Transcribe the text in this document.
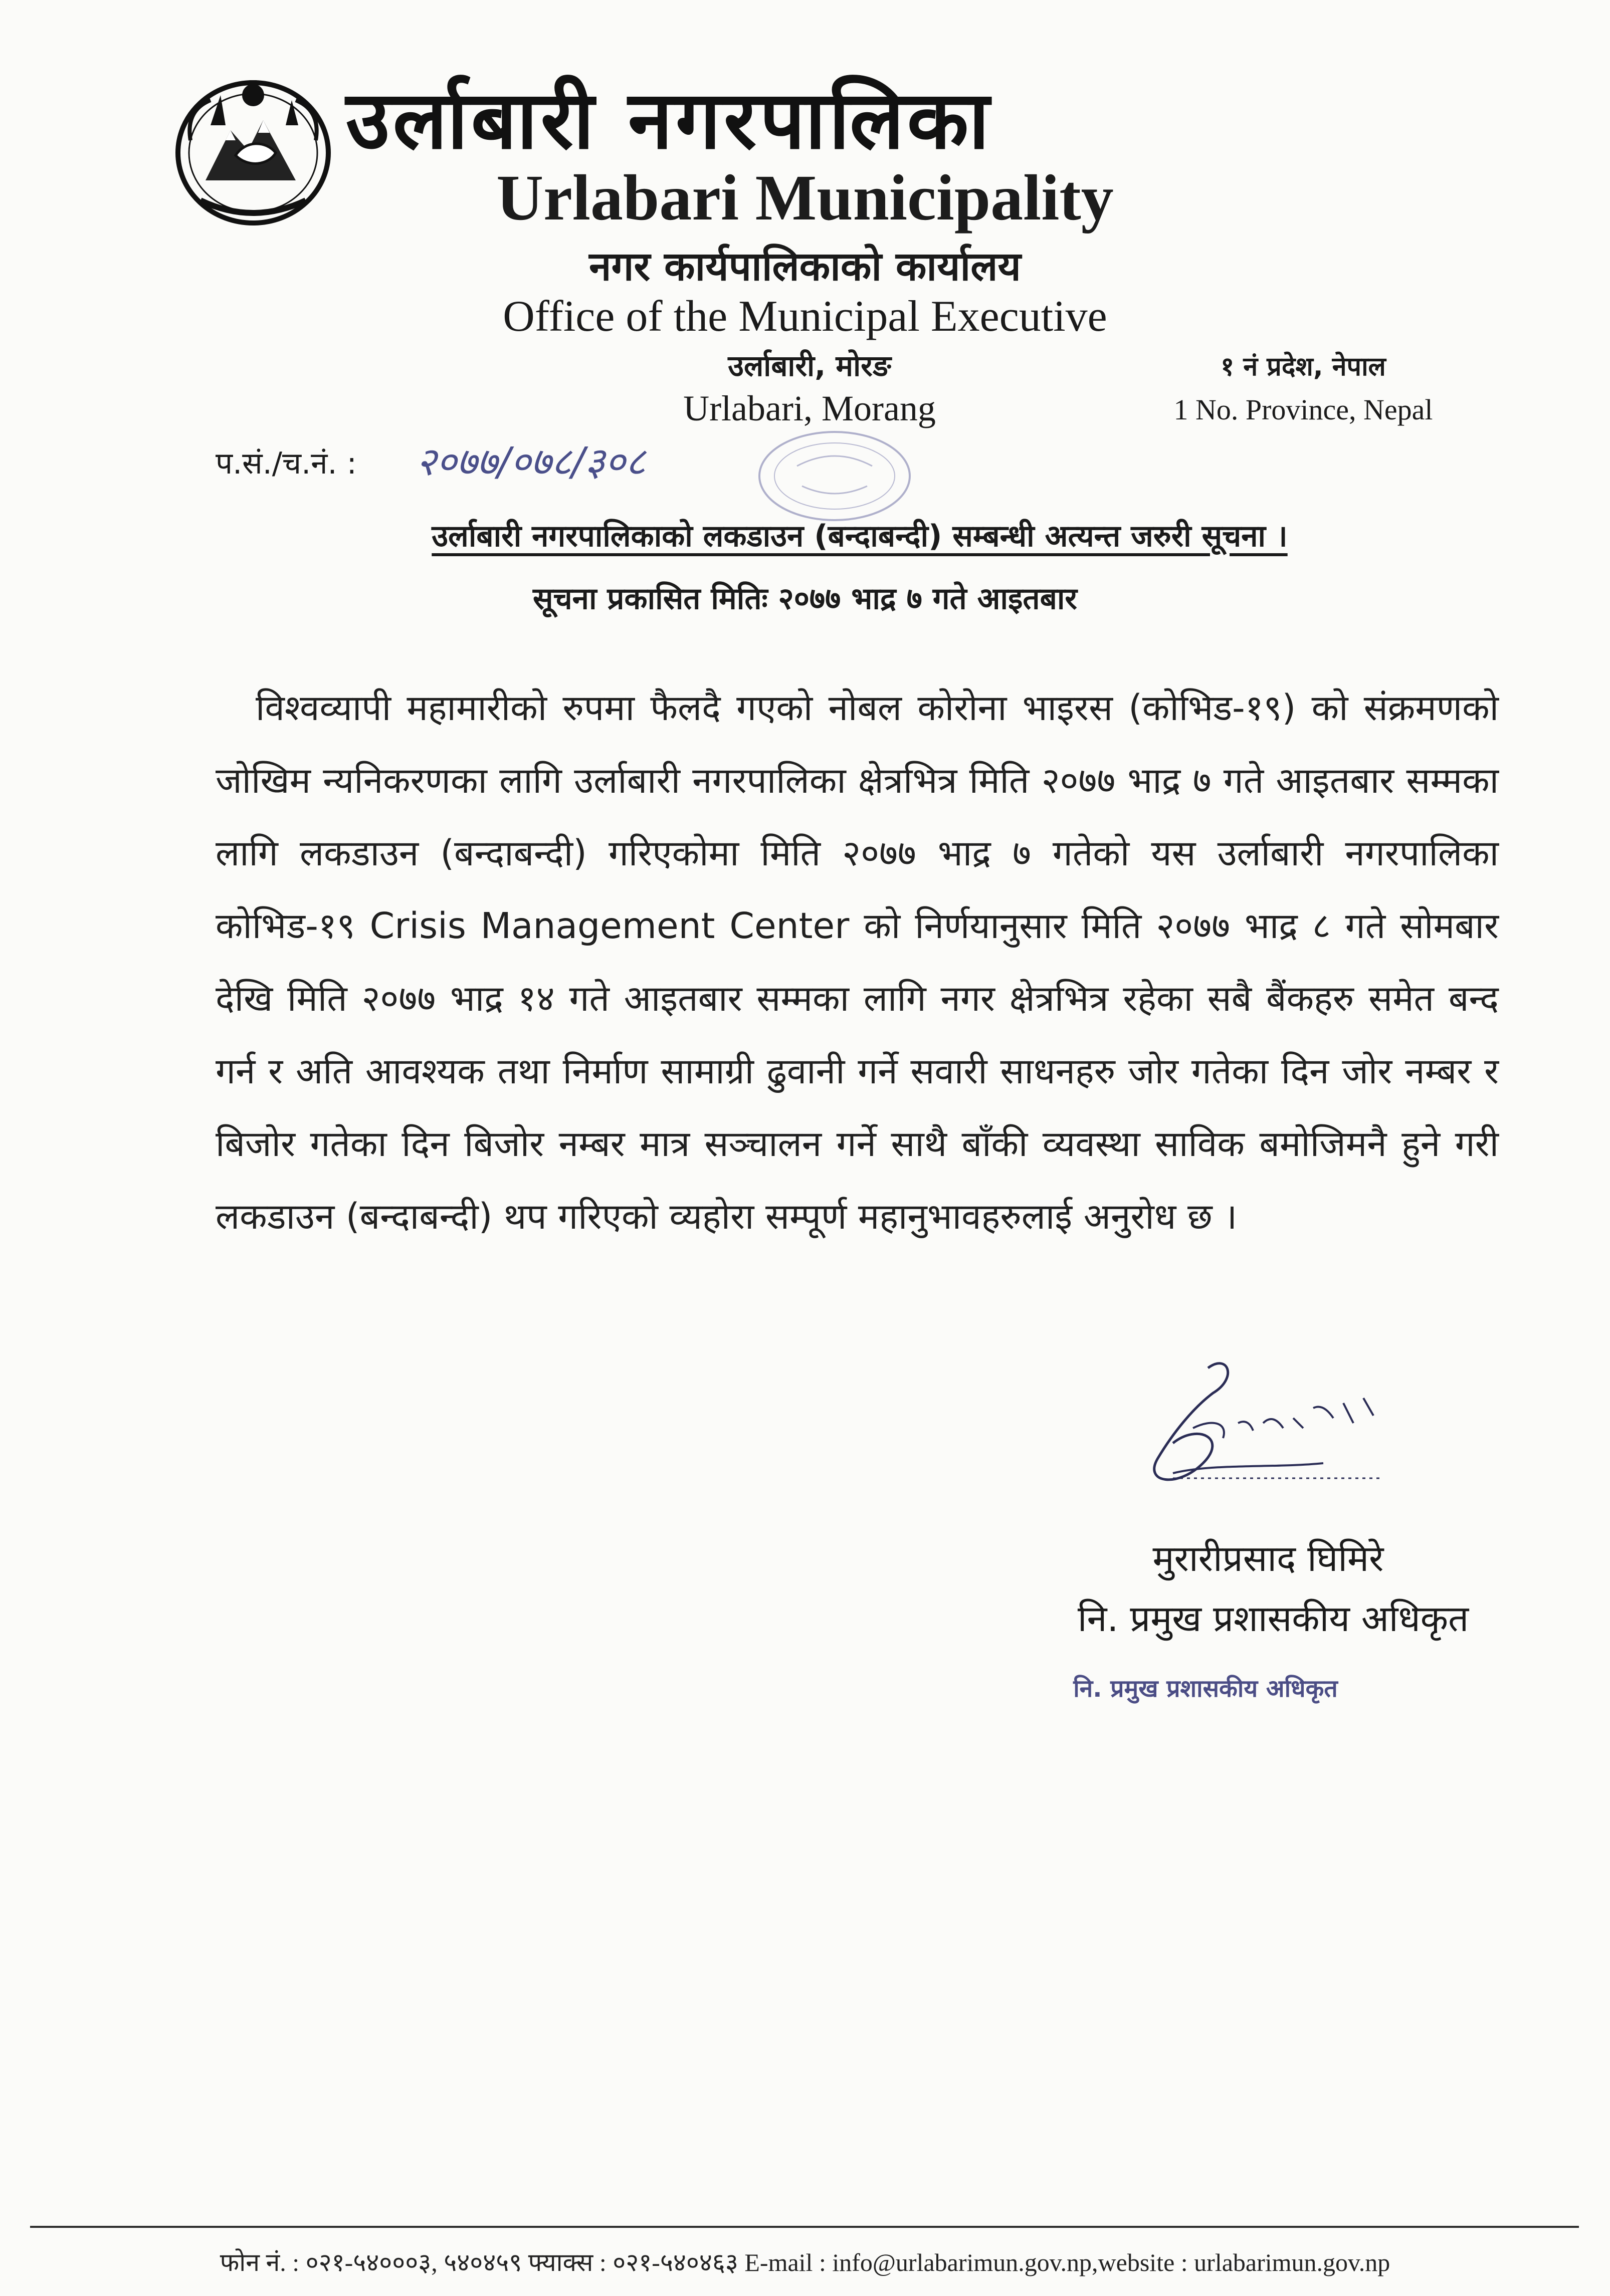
उर्लाबारी नगरपालिका
Urlabari Municipality
नगर कार्यपालिकाको कार्यालय
Office of the Municipal Executive
उर्लाबारी, मोरङ
Urlabari, Morang
१ नं प्रदेश, नेपाल
1 No. Province, Nepal
प.सं./च.नं. : २०७७/०७८/३०८
उर्लाबारी नगरपालिकाको लकडाउन (बन्दाबन्दी) सम्बन्धी अत्यन्त जरुरी सूचना ।
सूचना प्रकासित मितिः २०७७ भाद्र ७ गते आइतबार
विश्वव्यापी महामारीको रुपमा फैलदै गएको नोबल कोरोना भाइरस (कोभिड-१९) को संक्रमणको जोखिम न्यनिकरणका लागि उर्लाबारी नगरपालिका क्षेत्रभित्र मिति २०७७ भाद्र ७ गते आइतबार सम्मका लागि लकडाउन (बन्दाबन्दी) गरिएकोमा मिति २०७७ भाद्र ७ गतेको यस उर्लाबारी नगरपालिका कोभिड-१९ Crisis Management Center को निर्णयानुसार मिति २०७७ भाद्र ८ गते सोमबार देखि मिति २०७७ भाद्र १४ गते आइतबार सम्मका लागि नगर क्षेत्रभित्र रहेका सबै बैंकहरु समेत बन्द गर्न र अति आवश्यक तथा निर्माण सामाग्री ढुवानी गर्ने सवारी साधनहरु जोर गतेका दिन जोर नम्बर र बिजोर गतेका दिन बिजोर नम्बर मात्र सञ्चालन गर्ने साथै बाँकी व्यवस्था साविक बमोजिमनै हुने गरी लकडाउन (बन्दाबन्दी) थप गरिएको व्यहोरा सम्पूर्ण महानुभावहरुलाई अनुरोध छ ।
मुरारीप्रसाद घिमिरे
नि. प्रमुख प्रशासकीय अधिकृत
नि. प्रमुख प्रशासकीय अधिकृत
फोन नं. : ०२१-५४०००३, ५४०४५९ फ्याक्स : ०२१-५४०४६३ E-mail : info@urlabarimun.gov.np,website : urlabarimun.gov.np
